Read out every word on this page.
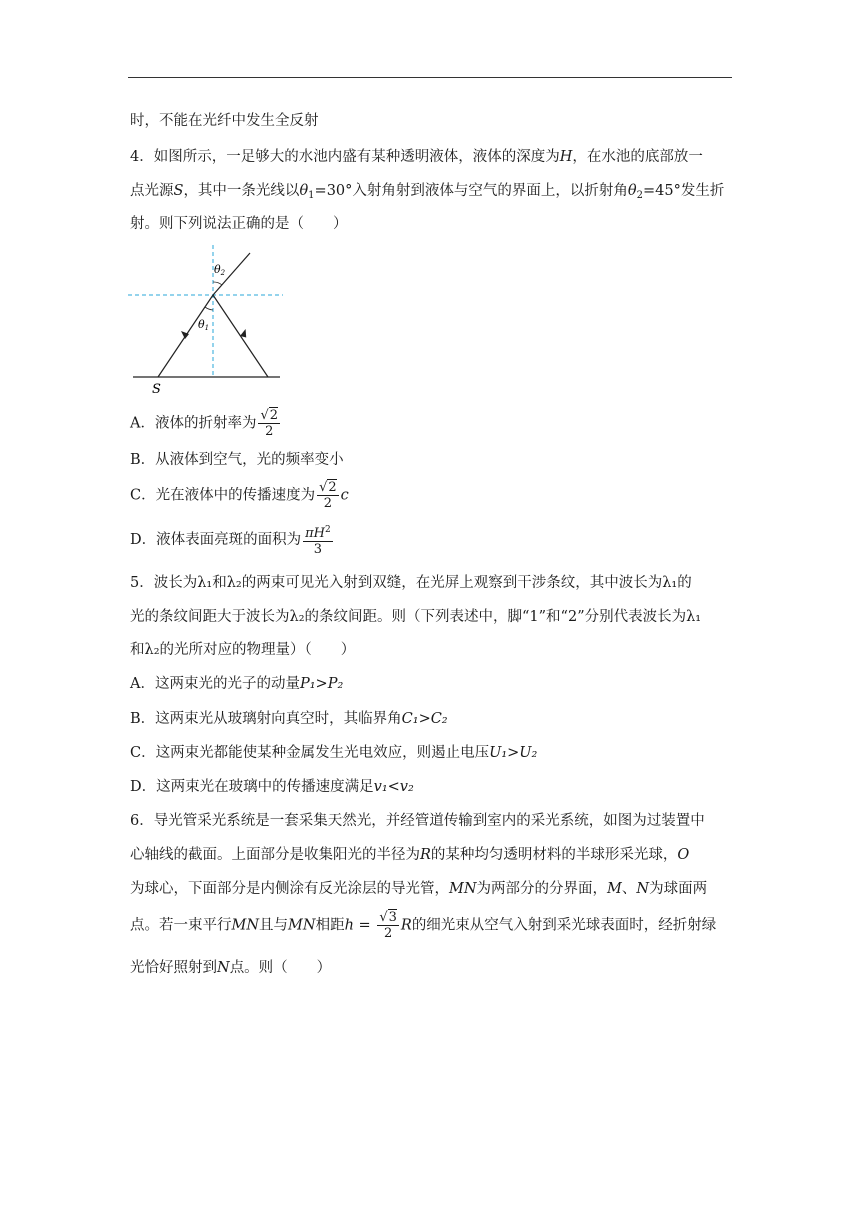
时，不能在光纤中发生全反射
4．如图所示，一足够大的水池内盛有某种透明液体，液体的深度为H，在水池的底部放一
点光源S，其中一条光线以$\theta_1=30^\circ$入射角射到液体与空气的界面上，以折射角$\theta_2=45^\circ$发生折
射。则下列说法正确的是（　　）
θ2
θ1
S
A．液体的折射率为 $\frac{√2}{2}$
B．从液体到空气，光的频率变小
C．光在液体中的传播速度为 $\frac{√2}{2}$ c
D．液体表面亮斑的面积为 $\frac{\pi H^2}{3}$
5．波长为λ₁和λ₂的两束可见光入射到双缝，在光屏上观察到干涉条纹，其中波长为λ₁的
光的条纹间距大于波长为λ₂的条纹间距。则（下列表述中，脚“1”和“2”分别代表波长为λ₁
和λ₂的光所对应的物理量）（　　）
A．这两束光的光子的动量P₁>P₂
B．这两束光从玻璃射向真空时，其临界角C₁>C₂
C．这两束光都能使某种金属发生光电效应，则遏止电压U₁>U₂
D．这两束光在玻璃中的传播速度满足v₁<v₂
6．导光管采光系统是一套采集天然光，并经管道传输到室内的采光系统，如图为过装置中
心轴线的截面。上面部分是收集阳光的半径为R的某种均匀透明材料的半球形采光球，O
为球心，下面部分是内侧涂有反光涂层的导光管，MN为两部分的分界面，M、N为球面两
点。若一束平行MN且与MN相距$h = \frac{√3}{2}$ R的细光束从空气入射到采光球表面时，经折射绿
光恰好照射到N点。则（　　）
